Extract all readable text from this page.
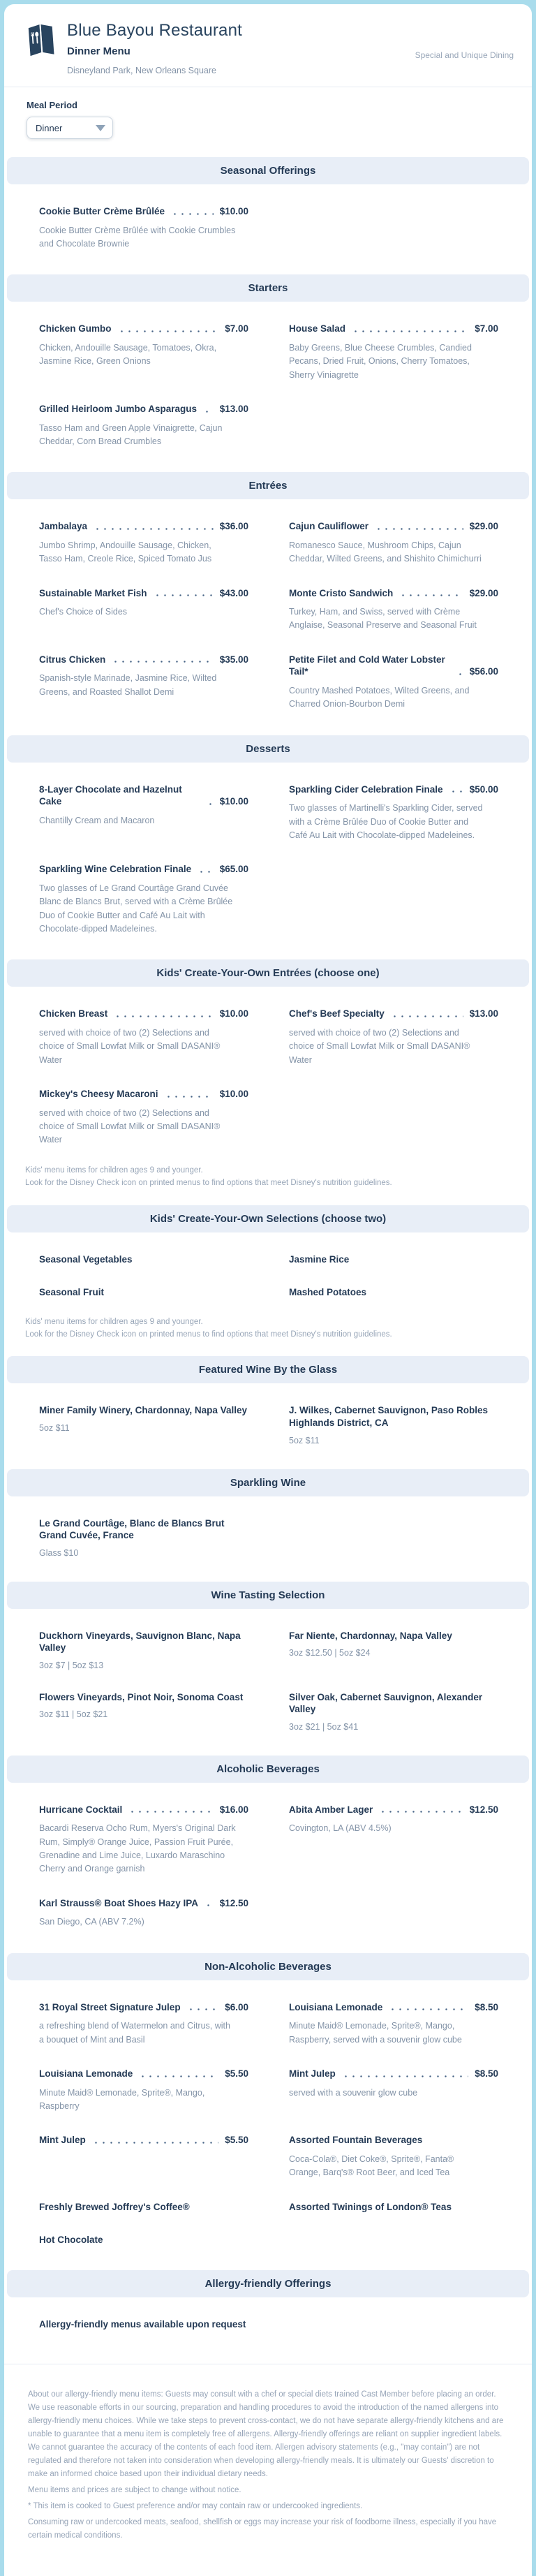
Blue Bayou Restaurant
Dinner Menu
Disneyland Park, New Orleans Square
Special and Unique Dining
Meal Period
Dinner
Seasonal Offerings
Cookie Butter Crème Brûlée	$10.00
Cookie Butter Crème Brûlée with Cookie Crumbles and Chocolate Brownie
Starters
Chicken Gumbo	$7.00
Chicken, Andouille Sausage, Tomatoes, Okra, Jasmine Rice, Green Onions
House Salad	$7.00
Baby Greens, Blue Cheese Crumbles, Candied Pecans, Dried Fruit, Onions, Cherry Tomatoes, Sherry Viniagrette
Grilled Heirloom Jumbo Asparagus $13.00
Tasso Ham and Green Apple Vinaigrette, Cajun Cheddar, Corn Bread Crumbles
Entrées
Jambalaya	$36.00
Jumbo Shrimp, Andouille Sausage, Chicken, Tasso Ham, Creole Rice, Spiced Tomato Jus
Cajun Cauliflower	$29.00
Romanesco Sauce, Mushroom Chips, Cajun Cheddar, Wilted Greens, and Shishito Chimichurri
Sustainable Market Fish	$43.00
Chef's Choice of Sides
Monte Cristo Sandwich	$29.00
Turkey, Ham, and Swiss, served with Crème Anglaise, Seasonal Preserve and Seasonal Fruit
Citrus Chicken	$35.00
Spanish-style Marinade, Jasmine Rice, Wilted Greens, and Roasted Shallot Demi
Petite Filet and Cold Water Lobster Tail*	$56.00
Country Mashed Potatoes, Wilted Greens, and Charred Onion-Bourbon Demi
Desserts
8-Layer Chocolate and Hazelnut Cake	$10.00
Chantilly Cream and Macaron
Sparkling Cider Celebration Finale	$50.00
Two glasses of Martinelli's Sparkling Cider, served with a Crème Brûlée Duo of Cookie Butter and Café Au Lait with Chocolate-dipped Madeleines.
Sparkling Wine Celebration Finale	$65.00
Two glasses of Le Grand Courtâge Grand Cuvée Blanc de Blancs Brut, served with a Crème Brûlée Duo of Cookie Butter and Café Au Lait with Chocolate-dipped Madeleines.
Kids' Create-Your-Own Entrées (choose one)
Chicken Breast	$10.00
served with choice of two (2) Selections and choice of Small Lowfat Milk or Small DASANI® Water
Chef's Beef Specialty	$13.00
served with choice of two (2) Selections and choice of Small Lowfat Milk or Small DASANI® Water
Mickey's Cheesy Macaroni	$10.00
served with choice of two (2) Selections and choice of Small Lowfat Milk or Small DASANI® Water
Kids' menu items for children ages 9 and younger.
Look for the Disney Check icon on printed menus to find options that meet Disney's nutrition guidelines.
Kids' Create-Your-Own Selections (choose two)
Seasonal Vegetables	Jasmine Rice
Seasonal Fruit	Mashed Potatoes
Kids' menu items for children ages 9 and younger.
Look for the Disney Check icon on printed menus to find options that meet Disney's nutrition guidelines.
Featured Wine By the Glass
Miner Family Winery, Chardonnay, Napa Valley
5oz $11
J. Wilkes, Cabernet Sauvignon, Paso Robles Highlands District, CA
5oz $11
Sparkling Wine
Le Grand Courtâge, Blanc de Blancs Brut Grand Cuvée, France
Glass $10
Wine Tasting Selection
Duckhorn Vineyards, Sauvignon Blanc, Napa Valley
3oz $7 | 5oz $13
Far Niente, Chardonnay, Napa Valley
3oz $12.50 | 5oz $24
Flowers Vineyards, Pinot Noir, Sonoma Coast
3oz $11 | 5oz $21
Silver Oak, Cabernet Sauvignon, Alexander Valley
3oz $21 | 5oz $41
Alcoholic Beverages
Hurricane Cocktail	$16.00
Bacardi Reserva Ocho Rum, Myers's Original Dark Rum, Simply® Orange Juice, Passion Fruit Purée, Grenadine and Lime Juice, Luxardo Maraschino Cherry and Orange garnish
Abita Amber Lager	$12.50
Covington, LA (ABV 4.5%)
Karl Strauss® Boat Shoes Hazy IPA $12.50
San Diego, CA (ABV 7.2%)
Non-Alcoholic Beverages
31 Royal Street Signature Julep	$6.00
a refreshing blend of Watermelon and Citrus, with a bouquet of Mint and Basil
Louisiana Lemonade	$8.50
Minute Maid® Lemonade, Sprite®, Mango, Raspberry, served with a souvenir glow cube
Louisiana Lemonade	$5.50
Minute Maid® Lemonade, Sprite®, Mango, Raspberry
Mint Julep	$8.50
served with a souvenir glow cube
Mint Julep	$5.50	Assorted Fountain Beverages
Coca-Cola®, Diet Coke®, Sprite®, Fanta® Orange, Barq's® Root Beer, and Iced Tea
Freshly Brewed Joffrey's Coffee®	Assorted Twinings of London® Teas
Hot Chocolate
Allergy-friendly Offerings
Allergy-friendly menus available upon request

About our allergy-friendly menu items: Guests may consult with a chef or special diets trained Cast Member before placing an order. We use reasonable efforts in our sourcing, preparation and handling procedures to avoid the introduction of the named allergens into allergy-friendly menu choices. While we take steps to prevent cross-contact, we do not have separate allergy-friendly kitchens and are unable to guarantee that a menu item is completely free of allergens. Allergy-friendly offerings are reliant on supplier ingredient labels. We cannot guarantee the accuracy of the contents of each food item. Allergen advisory statements (e.g., "may contain") are not regulated and therefore not taken into consideration when developing allergy-friendly meals. It is ultimately our Guests' discretion to make an informed choice based upon their individual dietary needs.

Menu items and prices are subject to change without notice.

* This item is cooked to Guest preference and/or may contain raw or undercooked ingredients.

Consuming raw or undercooked meats, seafood, shellfish or eggs may increase your risk of foodborne illness, especially if you have certain medical conditions.
